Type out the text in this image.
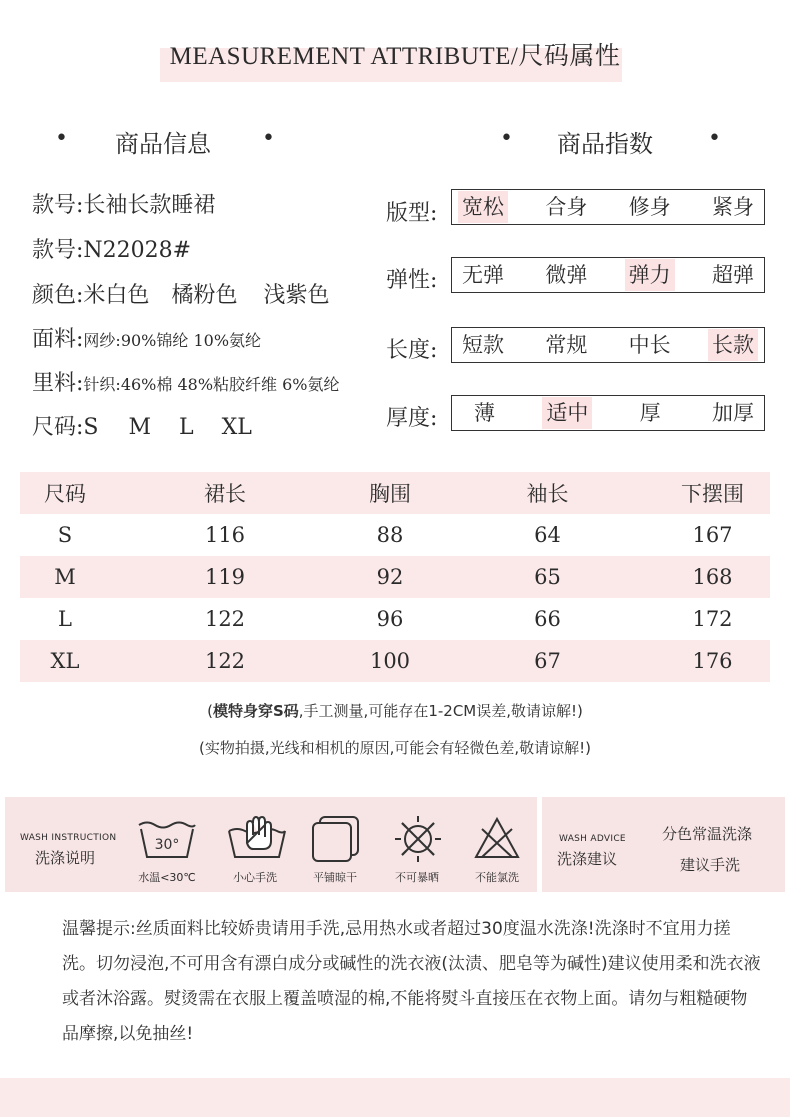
MEASUREMENT ATTRIBUTE/尺码属性
• 商品信息 •	• 商品指数	•
款号:长袖长款睡裙
款号:N22028#
颜色:米白色 橘粉色 浅紫色
面料:网纱:90%锦纶 10%氨纶
里料:针织:46%棉 48%粘胶纤维 6%氨纶
尺码:S M L XL
版型: 宽松 合身 修身 紧身
弹性: 无弹 微弹 弹力 超弹
长度: 短款 常规 中长 长款
厚度: 薄 适中 厚 加厚
尺码	裙长	胸围	袖长	下摆围
S	116	88	64	167
M	119	92	65	168
L	122	96	66	172
XL	122	100	67	176
(模特身穿S码,手工测量,可能存在1-2CM误差,敬请谅解!)
(实物拍摄,光线和相机的原因,可能会有轻微色差,敬请谅解!)
WASH INSTRUCTION
洗涤说明
30°
水温<30℃	小心手洗	平铺晾干	不可暴晒	不能氯洗
WASH ADVICE
洗涤建议
分色常温洗涤
建议手洗
温馨提示:丝质面料比较娇贵请用手洗,忌用热水或者超过30度温水洗涤!洗涤时不宜用力搓洗。切勿浸泡,不可用含有漂白成分或碱性的洗衣液(汰渍、肥皂等为碱性)建议使用柔和洗衣液或者沐浴露。熨烫需在衣服上覆盖喷湿的棉,不能将熨斗直接压在衣物上面。请勿与粗糙硬物品摩擦,以免抽丝!
